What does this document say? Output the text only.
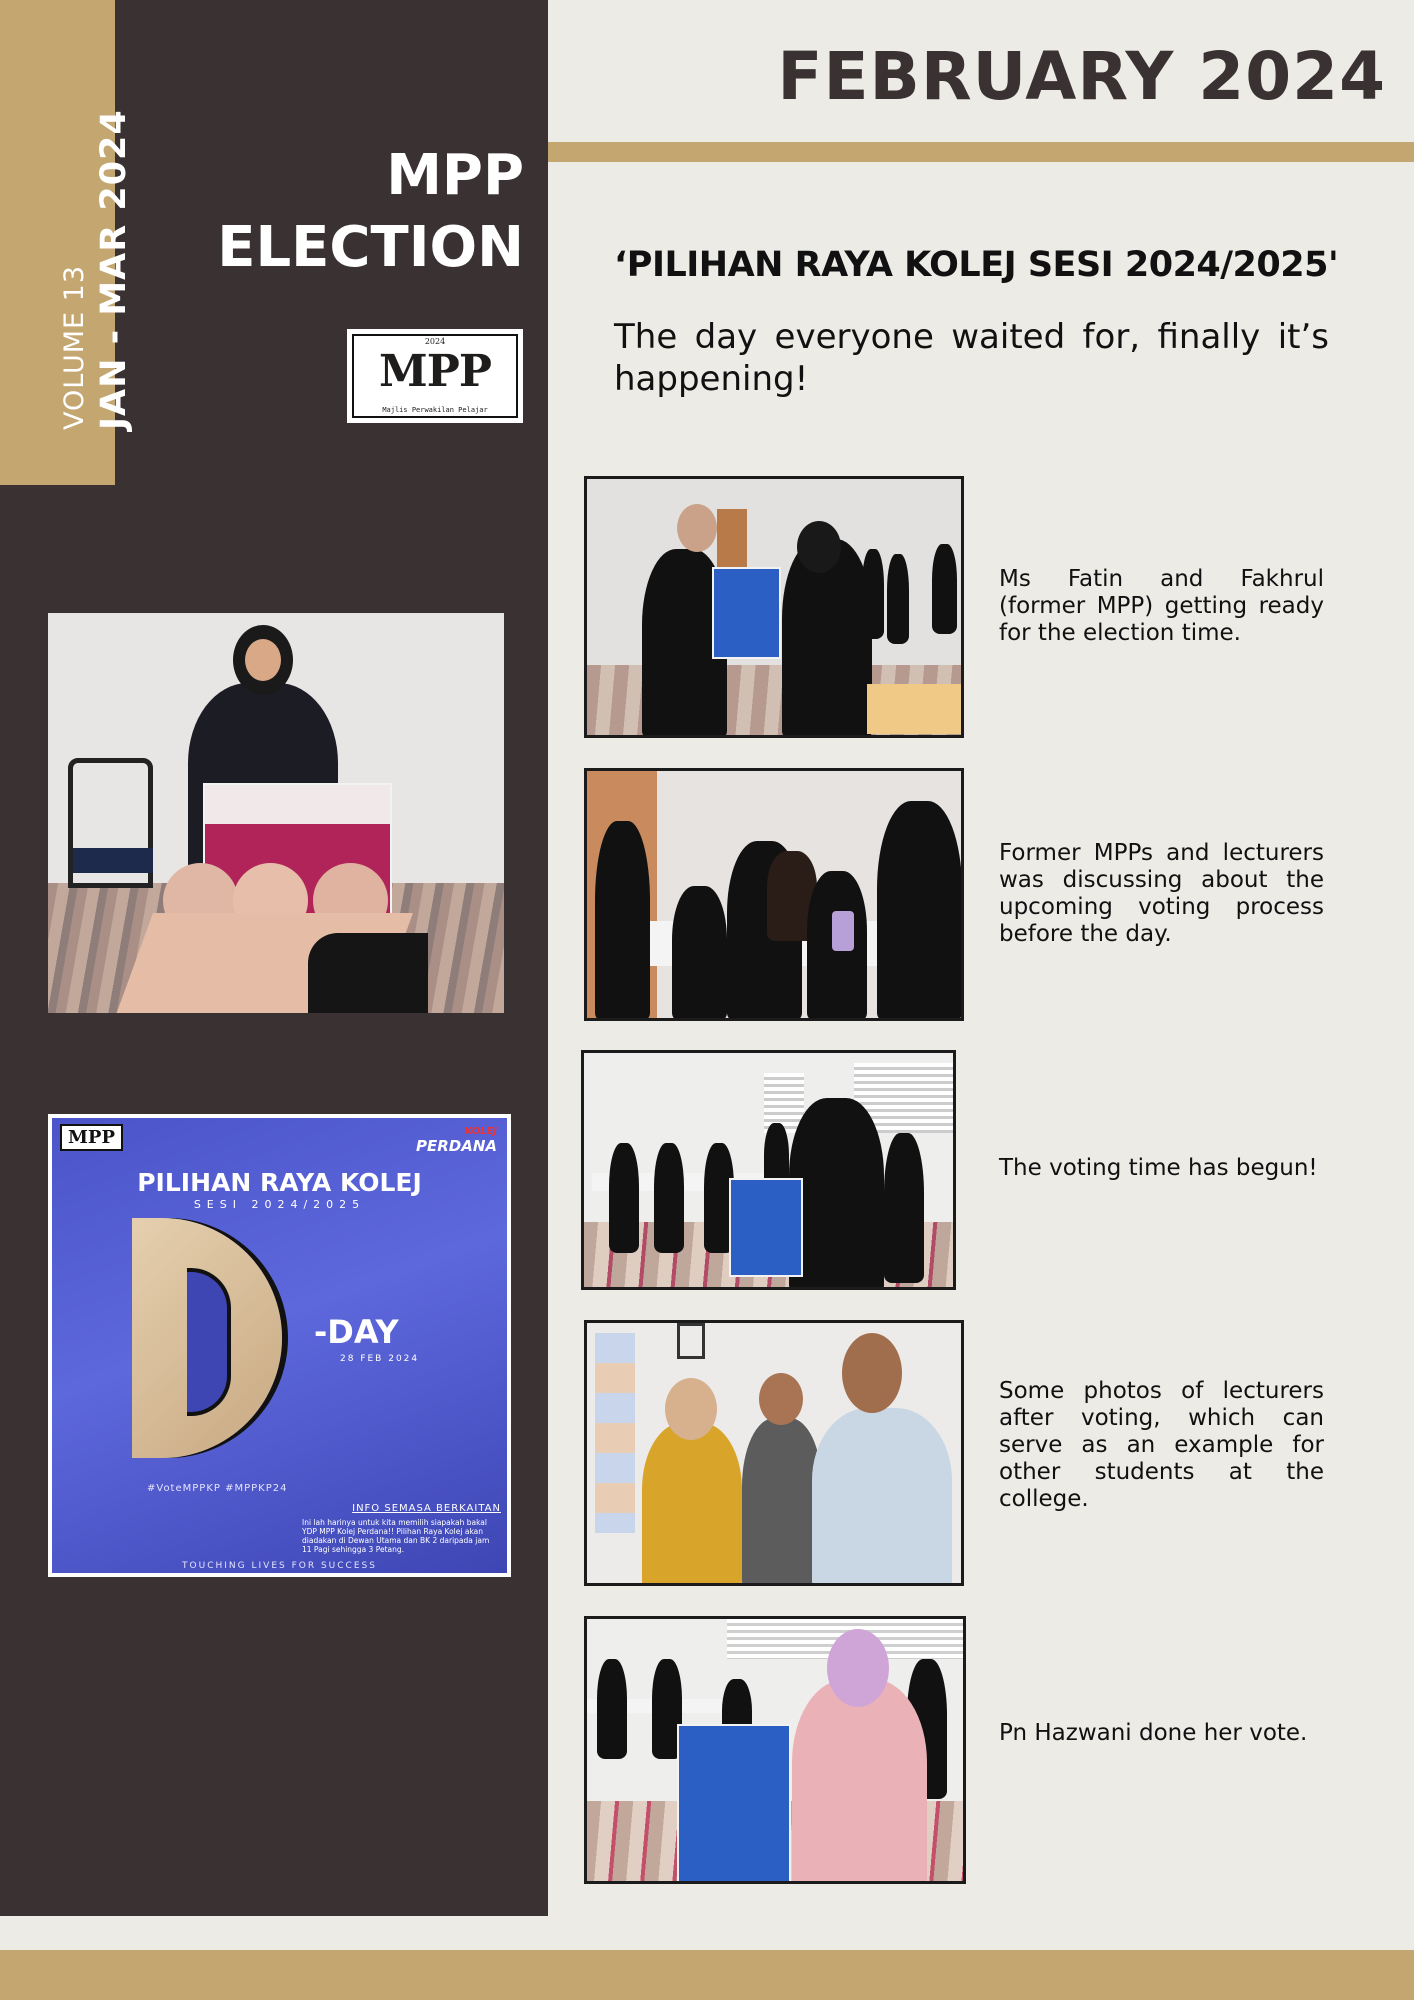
VOLUME 13 JAN - MAR 2024	MPP
ELECTION
2024
MPP
Majlis Perwakilan Pelajar
MPP	KOLEJ
PERDANA
PILIHAN RAYA KOLEJ
SESI 2024/2025
-DAY
28 FEB 2024
#VoteMPPKP #MPPKP24
INFO SEMASA BERKAITAN
Ini lah harinya untuk kita memilih siapakah bakal YDP MPP Kolej Perdana!! Pilihan Raya Kolej akan diadakan di Dewan Utama dan BK 2 daripada jam 11 Pagi sehingga 3 Petang.
TOUCHING LIVES FOR SUCCESS
FEBRUARY 2024
‘PILIHAN RAYA KOLEJ SESI 2024/2025'
The day everyone waited for, finally it’s happening!
Ms Fatin and Fakhrul (former MPP) getting ready for the election time.
Former MPPs and lecturers was discussing about the upcoming voting process before the day.
The voting time has begun!
Some photos of lecturers after voting, which can serve as an example for other students at the college.
Pn Hazwani done her vote.
